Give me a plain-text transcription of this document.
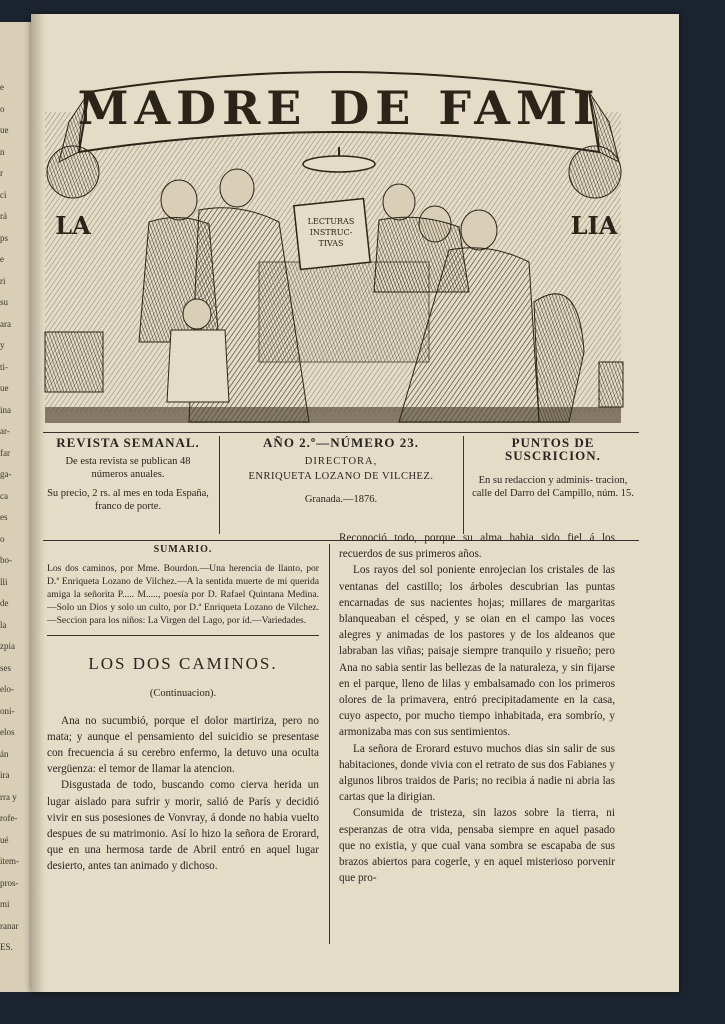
e
o
ue
n
r
ci
rá
ps
e
ri
su
ara
y
ti-
ue
ina
ar-
far
ga-
ca
es
o
bo-
lli
de
la
zpia
ses
elo-
oni-
elos
án
ira
rra y
rofe-
ué
item-
pros-
mi
ranar
ES.
MADRE DE FAMI
LA	LIA
LECTURAS
INSTRUC-
TIVAS
REVISTA SEMANAL.

De esta revista se publican 48 números anuales.

Su precio, 2 rs. al mes en toda España, franco de porte.

AÑO 2.º—NÚMERO 23.

DIRECTORA,

ENRIQUETA LOZANO DE VILCHEZ.

Granada.—1876.

PUNTOS DE SUSCRICION.

En su redaccion y adminis- tracion, calle del Darro del Campillo, núm. 15.

SUMARIO.
Los dos caminos, por Mme. Bourdon.—Una herencia de llanto, por D.ª Enriqueta Lozano de Vilchez.—A la sentida muerte de mi querida amiga la señorita P..... M....., poesía por D. Rafael Quintana Medina.—Solo un Dios y solo un culto, por D.ª Enriqueta Lozano de Vilchez.—Seccion para los niños: La Virgen del Lago, por íd.—Variedades.
LOS DOS CAMINOS.
(Continuacion).

Ana no sucumbió, porque el dolor martiriza, pero no mata; y aunque el pensamiento del suicidio se presentase con frecuencia á su cerebro enfermo, la detuvo una oculta vergüenza: el temor de llamar la atencion.

Disgustada de todo, buscando como cierva herida un lugar aislado para sufrir y morir, salió de París y decidió vivir en sus posesiones de Vonvray, á donde no habia vuelto despues de su matrimonio. Así lo hizo la señora de Erorard, que en una hermosa tarde de Abril entró en aquel lugar desierto, antes tan animado y dichoso.

Reconoció todo, porque su alma habia sido fiel á los recuerdos de sus primeros años.

Los rayos del sol poniente enrojecian los cristales de las ventanas del castillo; los árboles descubrian las puntas encarnadas de sus nacientes hojas; millares de margaritas blanqueaban el césped, y se oian en el campo las voces alegres y animadas de los pastores y de los aldeanos que labraban las viñas; paisaje siempre tranquilo y risueño; pero Ana no sabia sentir las bellezas de la naturaleza, y sin fijarse en el parque, lleno de lilas y embalsamado con los primeros olores de la primavera, entró precipitadamente en la casa, cuyo aspecto, por mucho tiempo inhabitada, era sombrío, y armonizaba mas con sus sentimientos.

La señora de Erorard estuvo muchos dias sin salir de sus habitaciones, donde vivia con el retrato de sus dos Fabianes y algunos libros traidos de Paris; no recibia á nadie ni abria las cartas que la dirigian.

Consumida de tristeza, sin lazos sobre la tierra, ni esperanzas de otra vida, pensaba siempre en aquel pasado que no existia, y que cual vana sombra se escapaba de sus brazos abiertos para cogerle, y en aquel misterioso porvenir que pro-
